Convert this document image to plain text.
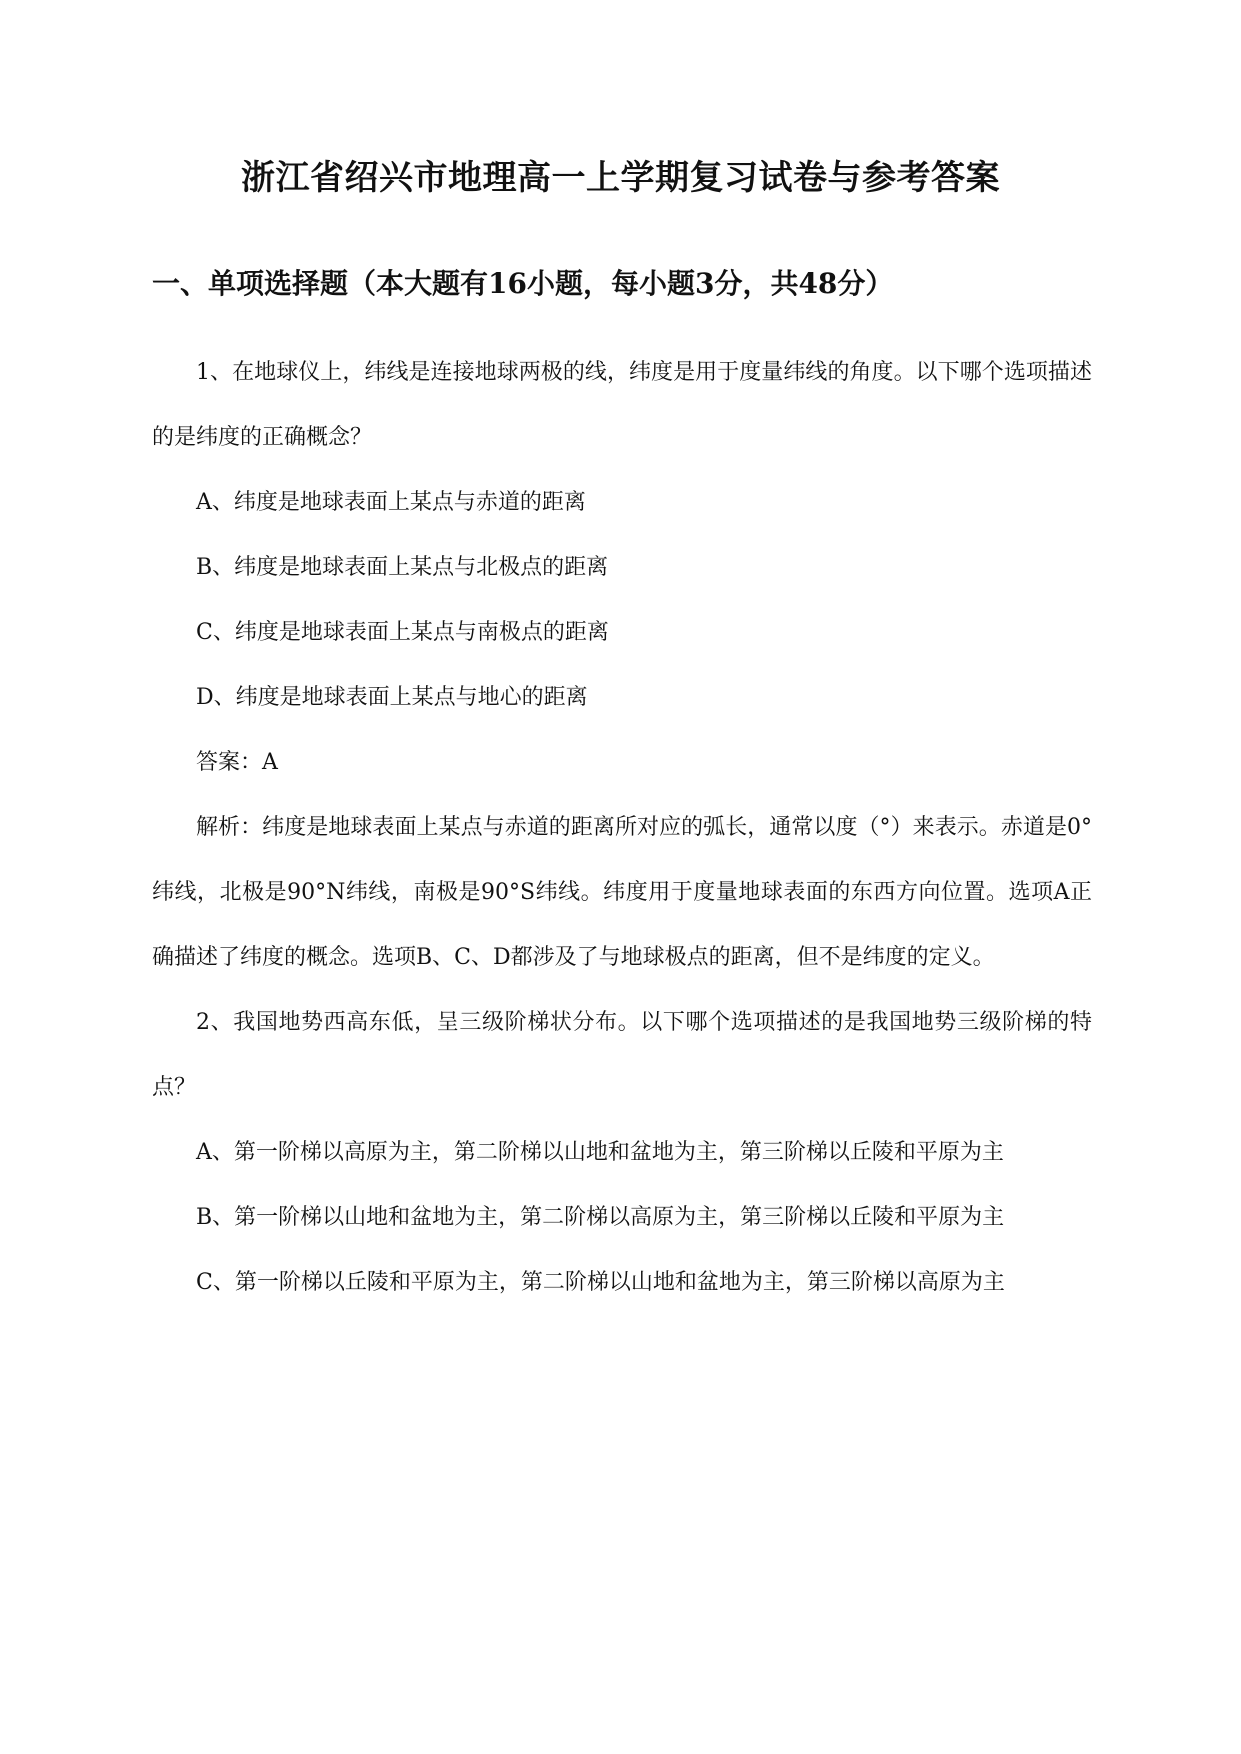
浙江省绍兴市地理高一上学期复习试卷与参考答案
一、单项选择题（本大题有16小题，每小题3分，共48分）

1、在地球仪上，纬线是连接地球两极的线，纬度是用于度量纬线的角度。以下哪个选项描述的是纬度的正确概念？

A、纬度是地球表面上某点与赤道的距离

B、纬度是地球表面上某点与北极点的距离

C、纬度是地球表面上某点与南极点的距离

D、纬度是地球表面上某点与地心的距离

答案：A

解析：纬度是地球表面上某点与赤道的距离所对应的弧长，通常以度（°）来表示。赤道是0°纬线，北极是90°N纬线，南极是90°S纬线。纬度用于度量地球表面的东西方向位置。选项A正确描述了纬度的概念。选项B、C、D都涉及了与地球极点的距离，但不是纬度的定义。

2、我国地势西高东低，呈三级阶梯状分布。以下哪个选项描述的是我国地势三级阶梯的特点？

A、第一阶梯以高原为主，第二阶梯以山地和盆地为主，第三阶梯以丘陵和平原为主

B、第一阶梯以山地和盆地为主，第二阶梯以高原为主，第三阶梯以丘陵和平原为主

C、第一阶梯以丘陵和平原为主，第二阶梯以山地和盆地为主，第三阶梯以高原为主
